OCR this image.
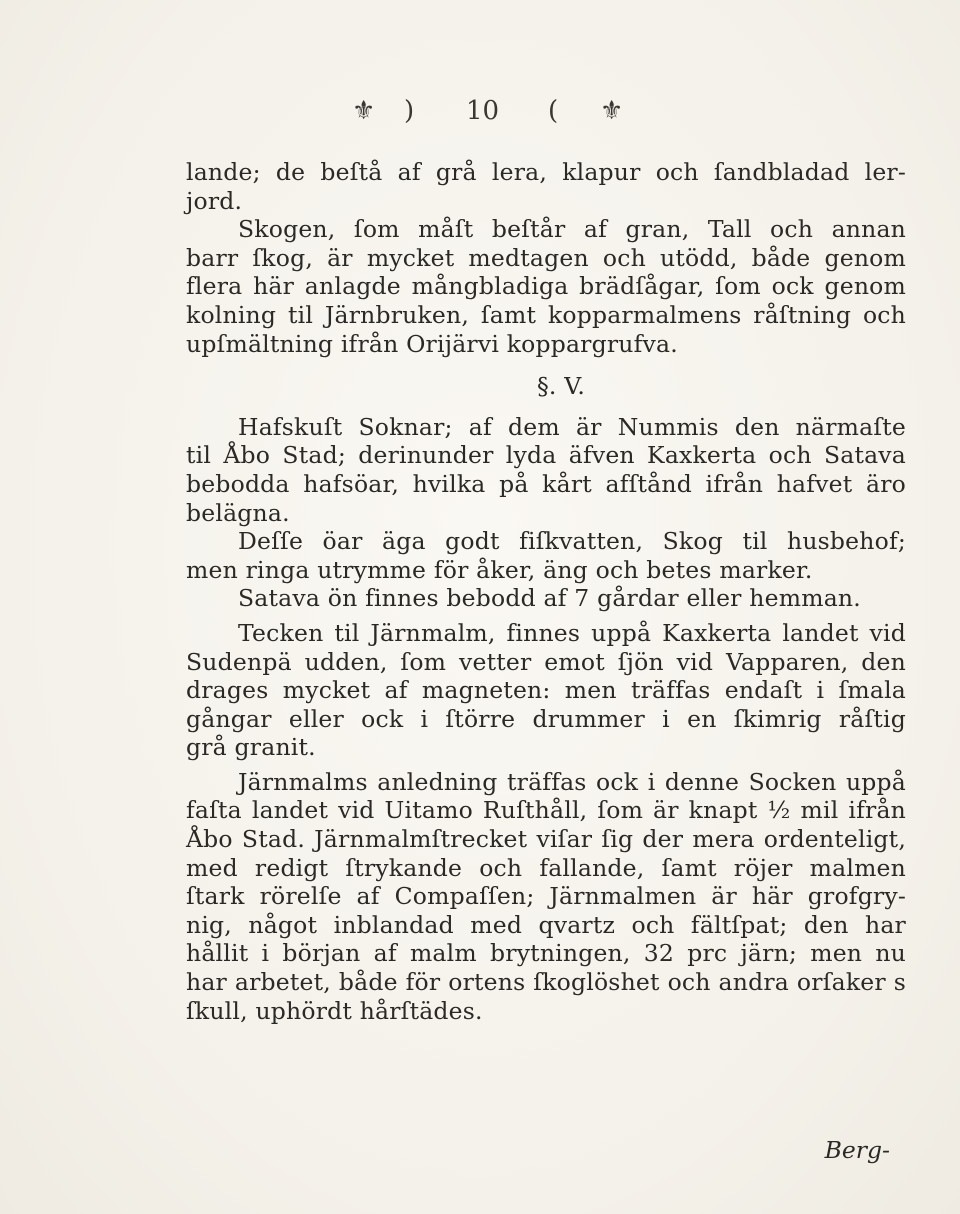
⚜ ) 10 ( ⚜
lande; de beſtå af grå lera, klapur och ſandbladad ler-
jord.
Skogen, ſom måſt beſtår af gran, Tall och annan
barr ſkog, är mycket medtagen och utödd, både genom
flera här anlagde mångbladiga brädſågar, ſom ock genom
kolning til Järnbruken, ſamt kopparmalmens råſtning och
upſmältning ifrån Orijärvi koppargrufva.
§. V.
Hafskuſt Soknar; af dem är Nummis den närmaſte
til Åbo Stad; derinunder lyda äfven Kaxkerta och Satava
bebodda hafsöar, hvilka på kårt afſtånd ifrån hafvet äro
belägna.
Deſſe öar äga godt fiſkvatten, Skog til husbehof;
men ringa utrymme för åker, äng och betes marker.
Satava ön finnes bebodd af 7 gårdar eller hemman.
Tecken til Järnmalm, finnes uppå Kaxkerta landet vid
Sudenpä udden, ſom vetter emot ſjön vid Vapparen, den
drages mycket af magneten: men träffas endaſt i ſmala
gångar eller ock i ſtörre drummer i en ſkimrig råſtig
grå granit.
Järnmalms anledning träffas ock i denne Socken uppå
faſta landet vid Uitamo Ruſthåll, ſom är knapt ½ mil ifrån
Åbo Stad. Järnmalmſtrecket viſar ſig der mera ordenteligt,
med redigt ſtrykande och fallande, ſamt röjer malmen
ſtark rörelſe af Compaſſen; Järnmalmen är här grofgry-
nig, något inblandad med qvartz och fältſpat; den har
hållit i början af malm brytningen, 32 prc järn; men nu
har arbetet, både för ortens ſkoglöshet och andra orſaker s
ſkull, uphördt hårſtädes.
Berg-
